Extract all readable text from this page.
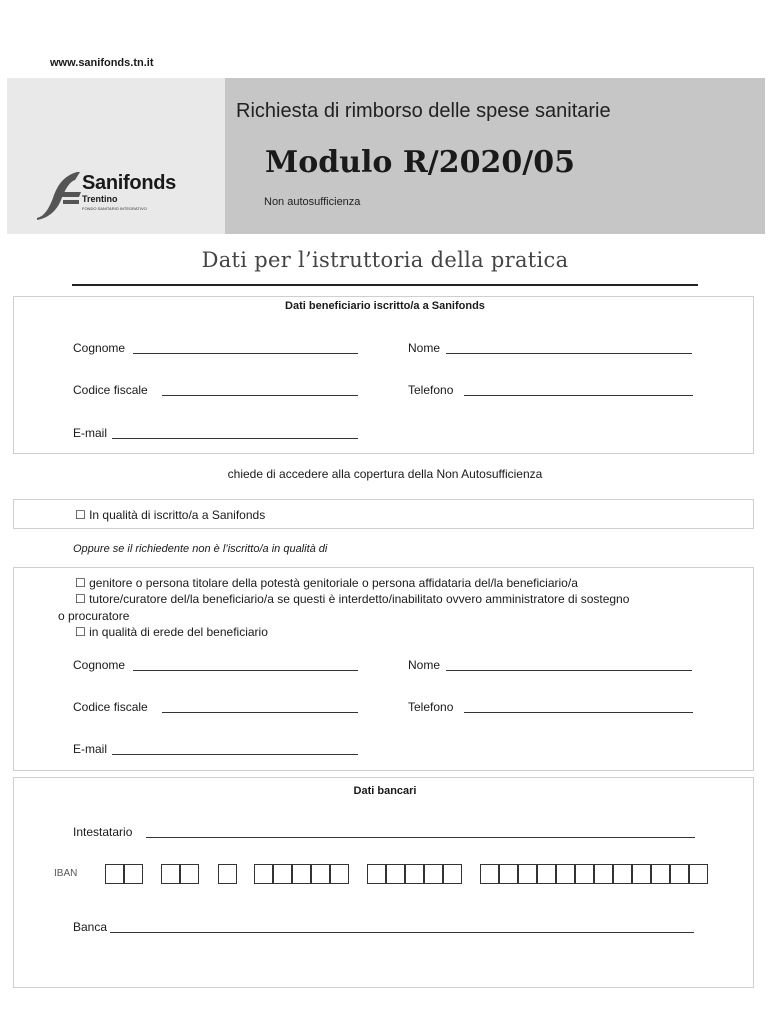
www.sanifonds.tn.it
Sanifonds
Trentino
FONDO SANITARIO INTEGRATIVO
Richiesta di rimborso delle spese sanitarie
Modulo R/2020/05
Non autosufficienza
Dati per l’istruttoria della pratica
Dati beneficiario iscritto/a a Sanifonds
Cognome	Nome
Codice fiscale	Telefono
E-mail
chiede di accedere alla copertura della Non Autosufficienza
☐ In qualità di iscritto/a a Sanifonds
Oppure se il richiedente non è l’iscritto/a in qualità di
☐ genitore o persona titolare della potestà genitoriale o persona affidataria del/la beneficiario/a
☐ tutore/curatore del/la beneficiario/a se questi è interdetto/inabilitato ovvero amministratore di sostegno
o procuratore
☐ in qualità di erede del beneficiario
Cognome	Nome
Codice fiscale	Telefono
E-mail
Dati bancari
Intestatario
IBAN
Banca
